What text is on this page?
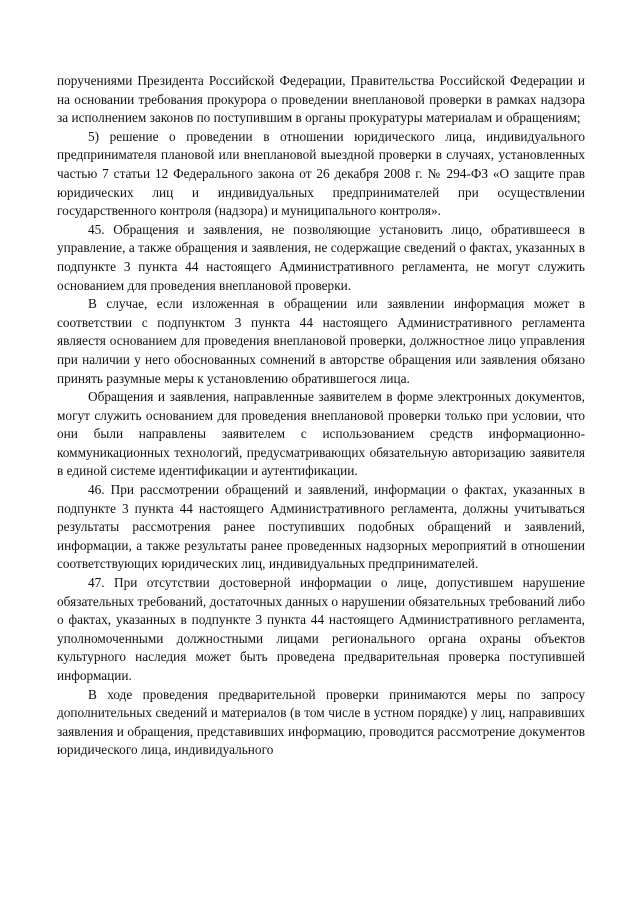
поручениями Президента Российской Федерации, Правительства Российской Федерации и на основании требования прокурора о проведении внеплановой проверки в рамках надзора за исполнением законов по поступившим в органы прокуратуры материалам и обращениям;

5) решение о проведении в отношении юридического лица, индивидуального предпринимателя плановой или внеплановой выездной проверки в случаях, установленных частью 7 статьи 12 Федерального закона от 26 декабря 2008 г. № 294-ФЗ «О защите прав юридических лиц и индивидуальных предпринимателей при осуществлении государственного контроля (надзора) и муниципального контроля».

45. Обращения и заявления, не позволяющие установить лицо, обратившееся в управление, а также обращения и заявления, не содержащие сведений о фактах, указанных в подпункте 3 пункта 44 настоящего Административного регламента, не могут служить основанием для проведения внеплановой проверки.

В случае, если изложенная в обращении или заявлении информация может в соответствии с подпунктом 3 пункта 44 настоящего Административного регламента являестя основанием для проведения внеплановой проверки, должностное лицо управления при наличии у него обоснованных сомнений в авторстве обращения или заявления обязано принять разумные меры к установлению обратившегося лица.

Обращения и заявления, направленные заявителем в форме электронных документов, могут служить основанием для проведения внеплановой проверки только при условии, что они были направлены заявителем с использованием средств информационно-коммуникационных технологий, предусматривающих обязательную авторизацию заявителя в единой системе идентификации и аутентификации.

46. При рассмотрении обращений и заявлений, информации о фактах, указанных в подпункте 3 пункта 44 настоящего Административного регламента, должны учитываться результаты рассмотрения ранее поступивших подобных обращений и заявлений, информации, а также результаты ранее проведенных надзорных мероприятий в отношении соответствующих юридических лиц, индивидуальных предпринимателей.

47. При отсутствии достоверной информации о лице, допустившем нарушение обязательных требований, достаточных данных о нарушении обязательных требований либо о фактах, указанных в подпункте 3 пункта 44 настоящего Административного регламента, уполномоченными должностными лицами регионального органа охраны объектов культурного наследия может быть проведена предварительная проверка поступившей информации.

В ходе проведения предварительной проверки принимаются меры по запросу дополнительных сведений и материалов (в том числе в устном порядке) у лиц, направивших заявления и обращения, представивших информацию, проводится рассмотрение документов юридического лица, индивидуального
